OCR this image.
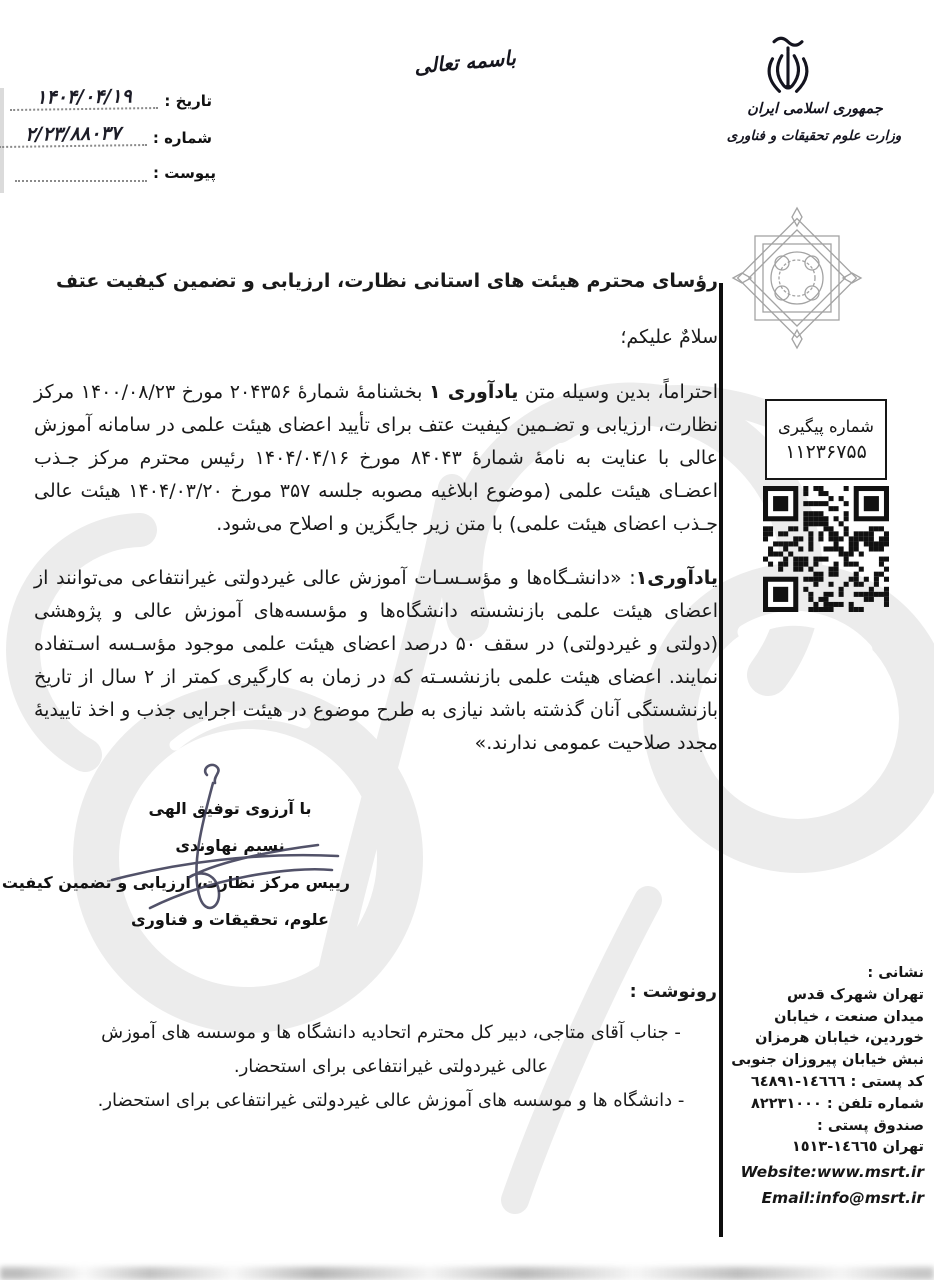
باسمه تعالی
جمهوری اسلامی ایران
وزارت علوم تحقیقات و فناوری
تاریخ :
۱۴۰۴/۰۴/۱۹
شماره :
۲/۲۳/۸۸۰۳۷
پیوست :
رؤسای محترم هیئت های استانی نظارت، ارزیابی و تضمین کیفیت عتف
سلامٌ علیکم؛
احتراماً، بدین وسیله متن یادآوری ۱ بخشنامهٔ شمارهٔ ۲۰۴۳۵۶ مورخ ۱۴۰۰/۰۸/۲۳ مرکز نظارت، ارزیابی و تضـمین کیفیت عتف برای تأیید اعضای هیئت علمی در سامانه آموزش عالی با عنایت به نامهٔ شمارهٔ ۸۴۰۴۳ مورخ ۱۴۰۴/۰۴/۱۶ رئیس محترم مرکز جـذب اعضـای هیئت علمی (موضوع ابلاغیه مصوبه جلسه ۳۵۷ مورخ ۱۴۰۴/۰۳/۲۰ هیئت عالی جـذب اعضای هیئت علمی) با متن زیر جایگزین و اصلاح می‌شود.
یادآوری۱: «دانشـگاه‌ها و مؤسـسـات آموزش عالی غیردولتی غیرانتفاعی می‌توانند از اعضای هیئت علمی بازنشسته دانشگاه‌ها و مؤسسه‌های آموزش عالی و پژوهشی (دولتی و غیردولتی) در سقف ۵۰ درصد اعضای هیئت علمی موجود مؤسـسه اسـتفاده نمایند. اعضای هیئت علمی بازنشسـته که در زمان به کارگیری کمتر از ۲ سال از تاریخ بازنشستگی آنان گذشته باشد نیازی به طرح موضوع در هیئت اجرایی جذب و اخذ تاییدیهٔ مجدد صلاحیت عمومی ندارند.»
شماره پیگیری
۱۱۲۳۶۷۵۵
با آرزوی توفیق الهی
نسیم نهاوندی
رییس مرکز نظارت، ارزیابی و تضمین کیفیت
علوم، تحقیقات و فناوری
رونوشت :
- جناب آقای متاجی، دبیر کل محترم اتحادیه دانشگاه ها و موسسه های آموزش عالی غیردولتی غیرانتفاعی برای استحضار.
- دانشگاه ها و موسسه های آموزش عالی غیردولتی غیرانتفاعی برای استحضار.
نشانی :
تهران شهرک قدس
میدان صنعت ، خیابان
خوردین، خیابان هرمزان
نبش خیابان پیروزان جنوبی
کد پستی : ١٤٦٦٦-٦٤٨٩١
شماره تلفن : ٨٢٢٣١٠٠٠
صندوق پستی :
تهران ١٤٦٦٥-١٥١٣
Website:www.msrt.ir
Email:info@msrt.ir
